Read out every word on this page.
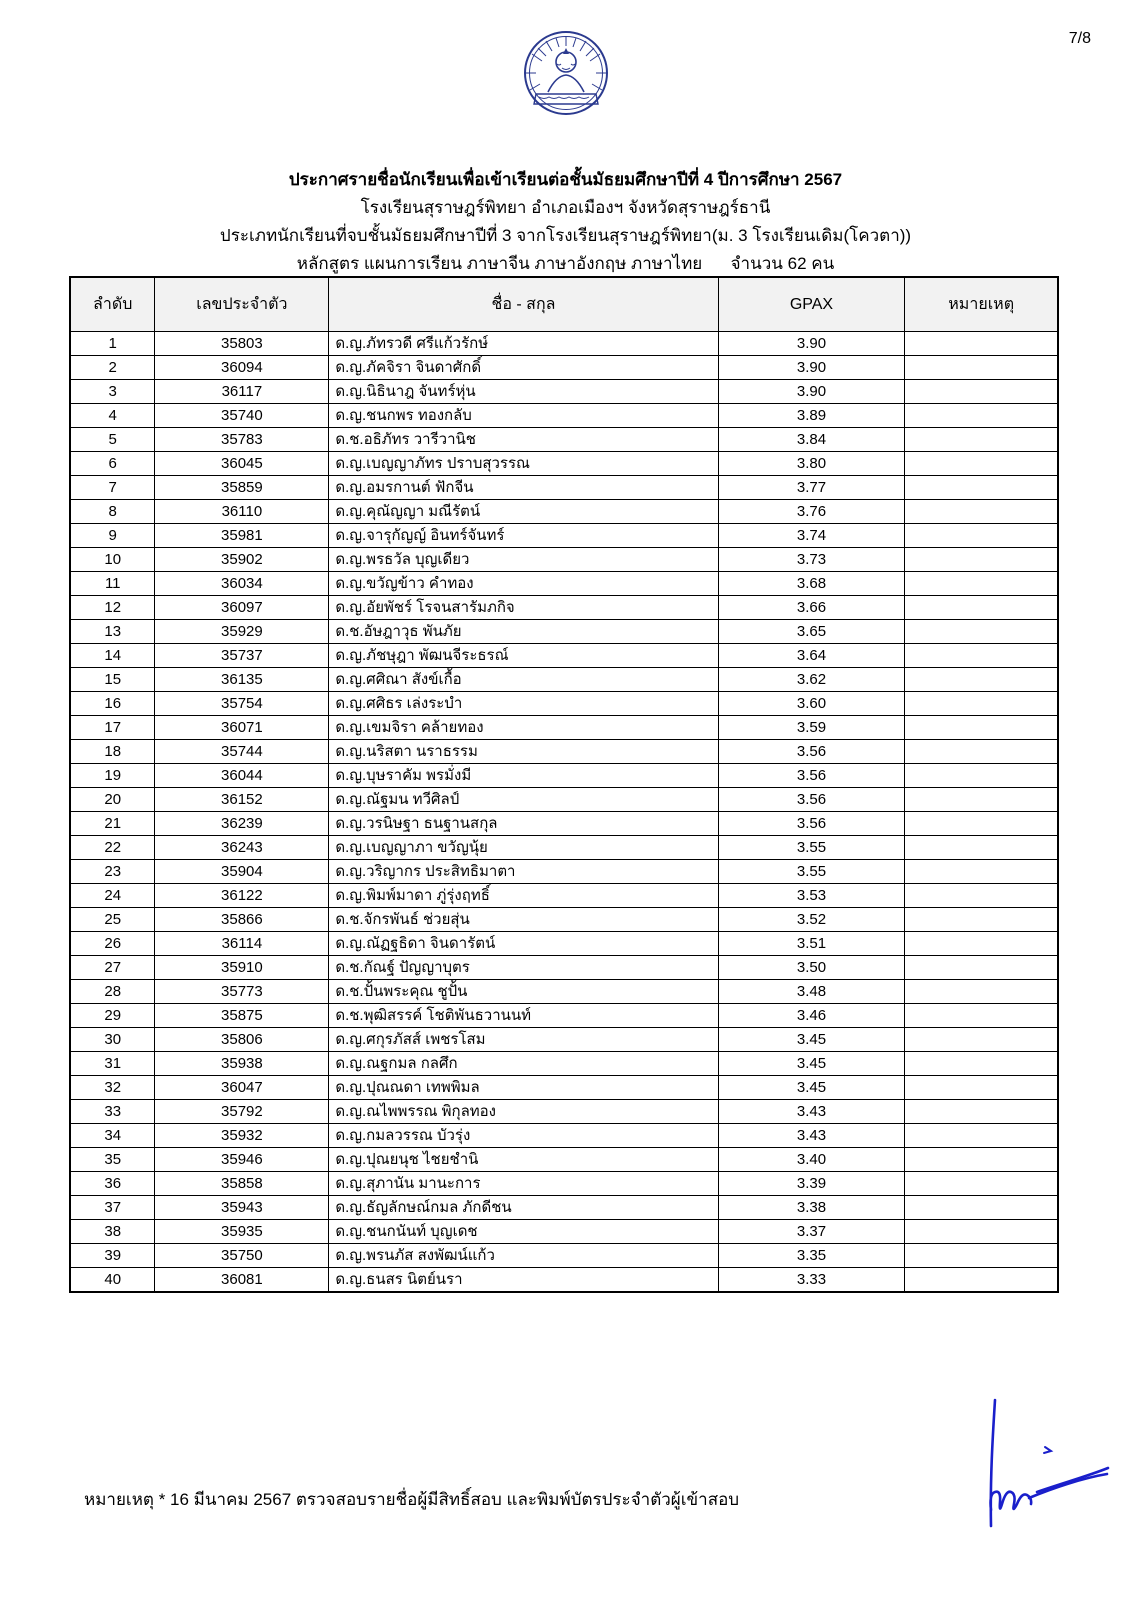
7/8
ประกาศรายชื่อนักเรียนเพื่อเข้าเรียนต่อชั้นมัธยมศึกษาปีที่ 4 ปีการศึกษา 2567
โรงเรียนสุราษฎร์พิทยา อำเภอเมืองฯ จังหวัดสุราษฎร์ธานี
ประเภทนักเรียนที่จบชั้นมัธยมศึกษาปีที่ 3 จากโรงเรียนสุราษฎร์พิทยา(ม. 3 โรงเรียนเดิม(โควตา))
หลักสูตร แผนการเรียน ภาษาจีน ภาษาอังกฤษ ภาษาไทย      จำนวน 62 คน
ลำดับ	เลขประจำตัว	ชื่อ - สกุล	GPAX	หมายเหตุ
1	35803	ด.ญ.ภัทรวดี ศรีแก้วรักษ์	3.90	
2	36094	ด.ญ.ภัคจิรา จินดาศักดิ์	3.90	
3	36117	ด.ญ.นิธินาฎ จันทร์หุ่น	3.90	
4	35740	ด.ญ.ชนกพร ทองกลับ	3.89	
5	35783	ด.ช.อธิภัทร วารีวานิช	3.84	
6	36045	ด.ญ.เบญญาภัทร ปราบสุวรรณ	3.80	
7	35859	ด.ญ.อมรกานต์ ฟักจีน	3.77	
8	36110	ด.ญ.คุณัญญา มณีรัตน์	3.76	
9	35981	ด.ญ.จารุกัญญ์ อินทร์จันทร์	3.74	
10	35902	ด.ญ.พรธวัล บุญเดียว	3.73	
11	36034	ด.ญ.ขวัญข้าว คำทอง	3.68	
12	36097	ด.ญ.อัยพัชร์ โรจนสารัมภกิจ	3.66	
13	35929	ด.ช.อัษฎาวุธ พันภัย	3.65	
14	35737	ด.ญ.ภัชษุฎา พัฒนจีระธรณ์	3.64	
15	36135	ด.ญ.ศศิณา สังข์เกื้อ	3.62	
16	35754	ด.ญ.ศศิธร เล่งระบำ	3.60	
17	36071	ด.ญ.เขมจิรา คล้ายทอง	3.59	
18	35744	ด.ญ.นริสตา นราธรรม	3.56	
19	36044	ด.ญ.บุษราคัม พรมั่งมี	3.56	
20	36152	ด.ญ.ณัฐมน ทวีศิลป์	3.56	
21	36239	ด.ญ.วรนิษฐา ธนฐานสกุล	3.56	
22	36243	ด.ญ.เบญญาภา ขวัญนุ้ย	3.55	
23	35904	ด.ญ.วริญากร ประสิทธิมาตา	3.55	
24	36122	ด.ญ.พิมพ์มาดา ภู่รุ่งฤทธิ์	3.53	
25	35866	ด.ช.จักรพันธ์ ช่วยสุ่น	3.52	
26	36114	ด.ญ.ณัฏฐธิดา จินดารัตน์	3.51	
27	35910	ด.ช.กัณฐ์ ปัญญาบุตร	3.50	
28	35773	ด.ช.ปั้นพระคุณ ชูปั้น	3.48	
29	35875	ด.ช.พุฒิสรรค์ โชติพันธวานนท์	3.46	
30	35806	ด.ญ.ศกุรภัสส์ เพชรโสม	3.45	
31	35938	ด.ญ.ณฐกมล กลศึก	3.45	
32	36047	ด.ญ.ปุณณดา เทพพิมล	3.45	
33	35792	ด.ญ.ณไพพรรณ พิกุลทอง	3.43	
34	35932	ด.ญ.กมลวรรณ บัวรุ่ง	3.43	
35	35946	ด.ญ.ปุณยนุช ไชยชำนิ	3.40	
36	35858	ด.ญ.สุภานัน มานะการ	3.39	
37	35943	ด.ญ.ธัญลักษณ์กมล ภักดีชน	3.38	
38	35935	ด.ญ.ชนกนันท์ บุญเดช	3.37	
39	35750	ด.ญ.พรนภัส สงพัฒน์แก้ว	3.35	
40	36081	ด.ญ.ธนสร นิตย์นรา	3.33	
หมายเหตุ * 16 มีนาคม 2567 ตรวจสอบรายชื่อผู้มีสิทธิ์สอบ และพิมพ์บัตรประจำตัวผู้เข้าสอบ
